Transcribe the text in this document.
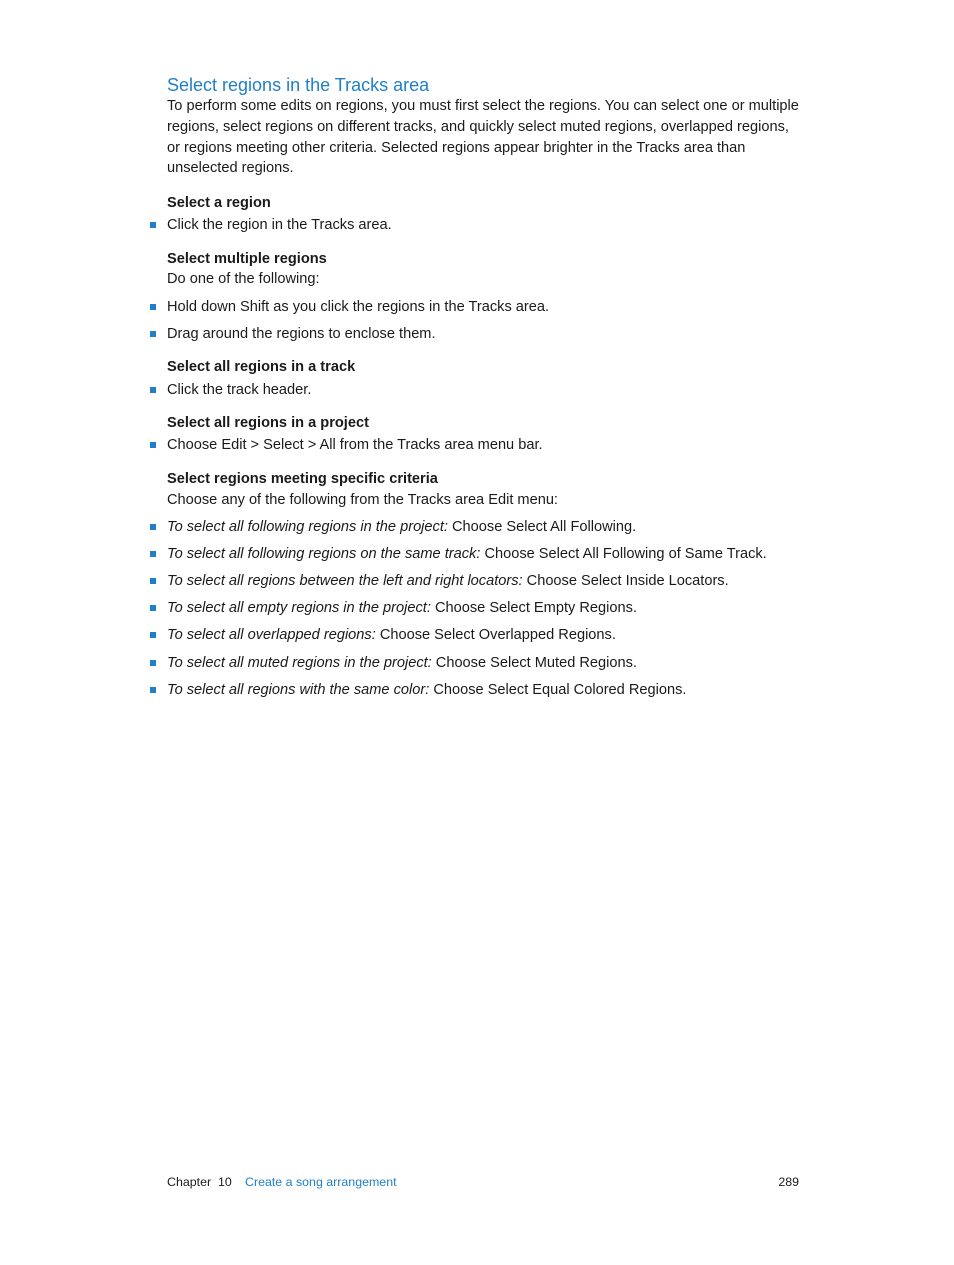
Select regions in the Tracks area

To perform some edits on regions, you must first select the regions. You can select one or multiple regions, select regions on different tracks, and quickly select muted regions, overlapped regions, or regions meeting other criteria. Selected regions appear brighter in the Tracks area than unselected regions.

Select a region

Click the region in the Tracks area.

Select multiple regions

Do one of the following:

Hold down Shift as you click the regions in the Tracks area.
Drag around the regions to enclose them.

Select all regions in a track

Click the track header.

Select all regions in a project

Choose Edit > Select > All from the Tracks area menu bar.

Select regions meeting specific criteria

Choose any of the following from the Tracks area Edit menu:

To select all following regions in the project: Choose Select All Following.
To select all following regions on the same track: Choose Select All Following of Same Track.
To select all regions between the left and right locators: Choose Select Inside Locators.
To select all empty regions in the project: Choose Select Empty Regions.
To select all overlapped regions: Choose Select Overlapped Regions.
To select all muted regions in the project: Choose Select Muted Regions.
To select all regions with the same color: Choose Select Equal Colored Regions.
Chapter  10 Create a song arrangement	289
